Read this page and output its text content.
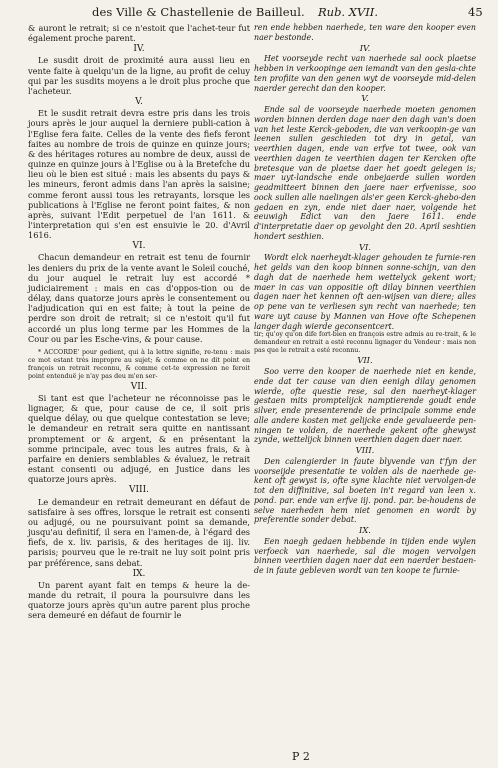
des Ville & Chastellenie de Bailleul. Rub. XVII.	45

& auront le retrait; si ce n'estoit que l'achet-teur fut également proche parent.

IV.

Le susdit droit de proximité aura aussi lieu en vente faite à quelqu'un de la ligne, au profit de celuy qui par les susdits moyens a le droit plus proche que l'acheteur.

V.

Et le susdit retrait devra estre pris dans les trois jours après le jour auquel la derniere publi-cation à l'Eglise fera faite. Celles de la vente des fiefs feront faites au nombre de trois de quinze en quinze jours; & des héritages rotures au nombre de deux, aussi de quinze en quinze jours à l'Eglise ou à la Bretefche du lieu où le bien est situé : mais les absents du pays & les mineurs, feront admis dans l'an après la saisine; comme feront aussi tous les retrayants, lorsque les publications à l'Eglise ne feront point faites, & non après, suivant l'Edit perpetuel de l'an 1611. & l'interpretation qui s'en est ensuivie le 20. d'Avril 1616.

VI.

Chacun demandeur en retrait est tenu de fournir les deniers du prix de la vente avant le Soleil couché, du jour auquel le retrait luy est accordé * judiciairement : mais en cas d'oppos-tion ou de délay, dans quatorze jours après le consentement ou l'adjudication qui en est faite; à tout la peine de perdre son droit de retrait; si ce n'estoit qu'il fut accordé un plus long terme par les Hommes de la Cour ou par les Esche-vins, & pour cause.

* ACCORDE' pour gedient, qui à la lettre signifie, re-tenu : mais ce mot estant très impropre au sujet; & comme on ne dit point en françois un retrait reconnu, & comme cet-te expression ne feroit point entenduë je n'ay pas deu m'en ser-

VII.

Si tant est que l'acheteur ne réconnoisse pas le lignager, & que, pour cause de ce, il soit pris quelque délay, ou que quelque contestation se leve; le demandeur en retrait sera quitte en nantissant promptement or & argent, & en présentant la somme principale, avec tous les autres frais, & à parfaire en deniers semblables & évaluez, le retrait estant consenti ou adjugé, en Justice dans les quatorze jours après.

VIII.

Le demandeur en retrait demeurant en défaut de satisfaire à ses offres, lorsque le retrait est consenti ou adjugé, ou ne poursuivant point sa demande, jusqu'au definitif, il sera en l'amen-de, à l'égard des fiefs, de x. liv. parisis, & des heritages de iij. liv. parisis; pourveu que le re-trait ne luy soit point pris par préférence, sans debat.

IX.

Un parent ayant fait en temps & heure la de-mande du retrait, il poura la poursuivre dans les quatorze jours après qu'un autre parent plus proche sera demeuré en défaut de fournir le

ren ende hebben naerhede, ten ware den kooper even naer bestonde.

IV.

Het voorseyde recht van naerhede sal oock plaetse hebben in verkoopinge aen iemandt van den gesla-chte ten profiite van den genen wyt de voorseyde mid-delen naerder gerecht dan den kooper.

V.

Ende sal de voorseyde naerhede moeten genomen worden binnen derden dage naer den dagh van's doen van het leste Kerck-geboden, die van verkoopin-ge van leenen sullen geschieden tot dry in getal, van veerthien dagen, ende van erfve tot twee, ook van veerthien dagen te veerthien dagen ter Kercken ofte bretesque van de plaetse daer het goedt gelegen is; maer uyt-landsche ende onbejaerde sullen worden geadmitteert binnen den jaere naer erfvenisse, soo oock sullen alle naelingen als'er geen Kerck-ghebo-den gedaen en zyn, ende niet daer naer, volgende het eeuwigh Edict van den Jaere 1611. ende d'interpretatie daer op gevolght den 20. April seshtien hondert sesthien.

VI.

Wordt elck naerheydt-klager gehouden te furnie-ren het gelds van den koop binnen sonne-schijn, van den dagh dat de naerhede hem wettelyck gekent wort; maer in cas van oppositie oft dilay binnen veerthien dagen naer het kennen oft aen-wijsen van diere; alles op pene van te verliesen syn recht van naerhede; ten ware uyt cause by Mannen van Hove ofte Schepenen langer dagh wierde geconsentcert.

tir; qu'oy qu'on dife fort-bien en françois estre admis au re-trait, & le demandeur en retrait a esté reconnu lignager du Vendeur : mais non pas que le retrait a esté reconnu.

VII.

Soo verre den kooper de naerhede niet en kende, ende dat ter cause van dien eenigh dilay genomen wierde, ofte questie rese, sal den naerheyt-klager gestaen mits promptelijck namptierende goudt ende silver, ende presenterende de principale somme ende alle andere kosten met gelijcke ende gevalueerde pen-ningen te volden, de naerhede gekent ofte ghewyst zynde, wettelijck binnen veerthien dagen daer naer.

VIII.

Den calengierder in faute blyvende van t'fyn der voorseijde presentatie te volden als de naerhede ge-kent oft gewyst is, ofte syne klachte niet vervolgen-de tot den diffinitive, sal boeten in't regard van leen x. pond. par. ende van erfve iij. pond. par. be-houdens de selve naerheden hem niet genomen en wordt by preferentie sonder debat.

IX.

Een naegh gedaen hebbende in tijden ende wylen verfoeck van naerhede, sal die mogen vervolgen binnen veerthien dagen naer dat een naerder bestaen-de in faute gebleven wordt van ten koope te furnie-

P 2
